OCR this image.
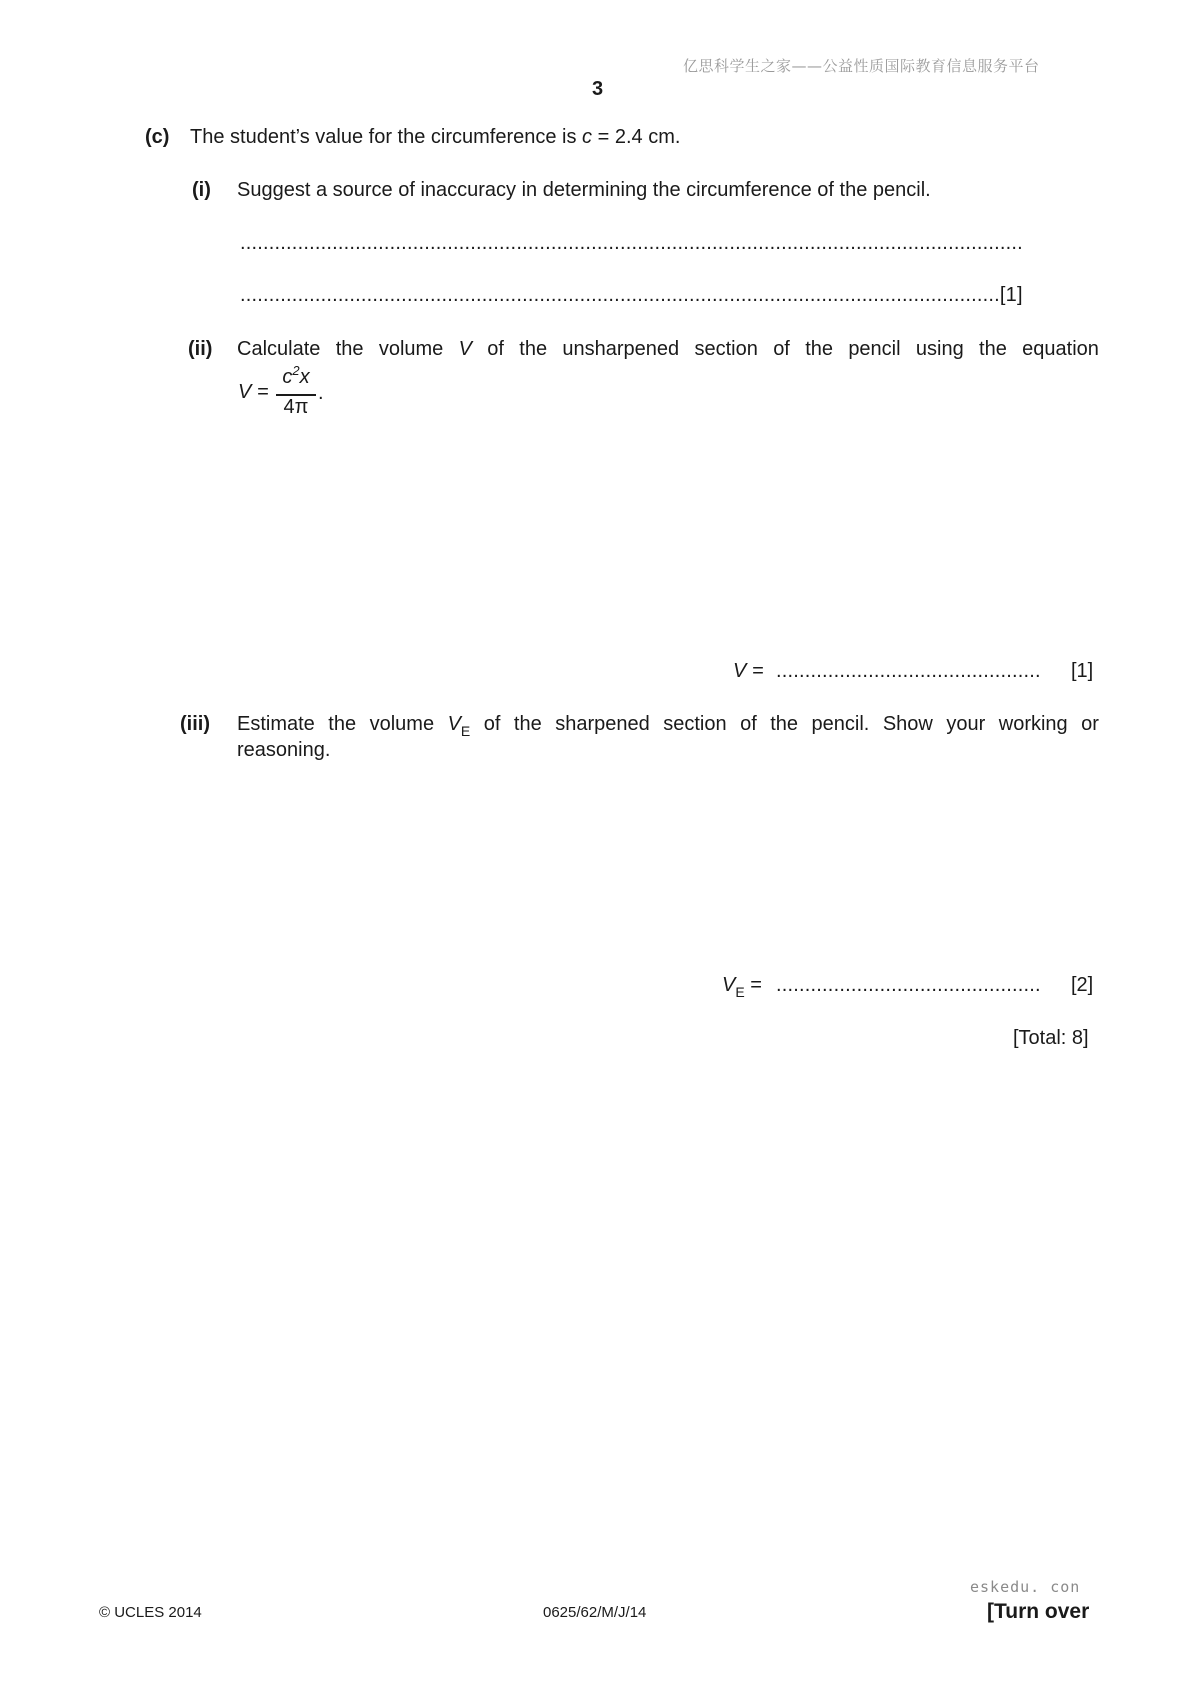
亿思科学生之家——公益性质国际教育信息服务平台
3
(c) The student’s value for the circumference is c = 2.4 cm.
(i) Suggest a source of inaccuracy in determining the circumference of the pencil.
........................................................................................................................................
....................................................................................................................................[1]
(ii) Calculate the volume V of the unsharpened section of the pencil using the equation
V =
$c^2x$
4π
.
V = .............................................. [1]
(iii) Estimate the volume $V_E$ of the sharpened section of the pencil. Show your working or
reasoning.
$V_E$ = .............................................. [2]
[Total: 8]
eskedu. con
© UCLES 2014	0625/62/M/J/14	[Turn over
